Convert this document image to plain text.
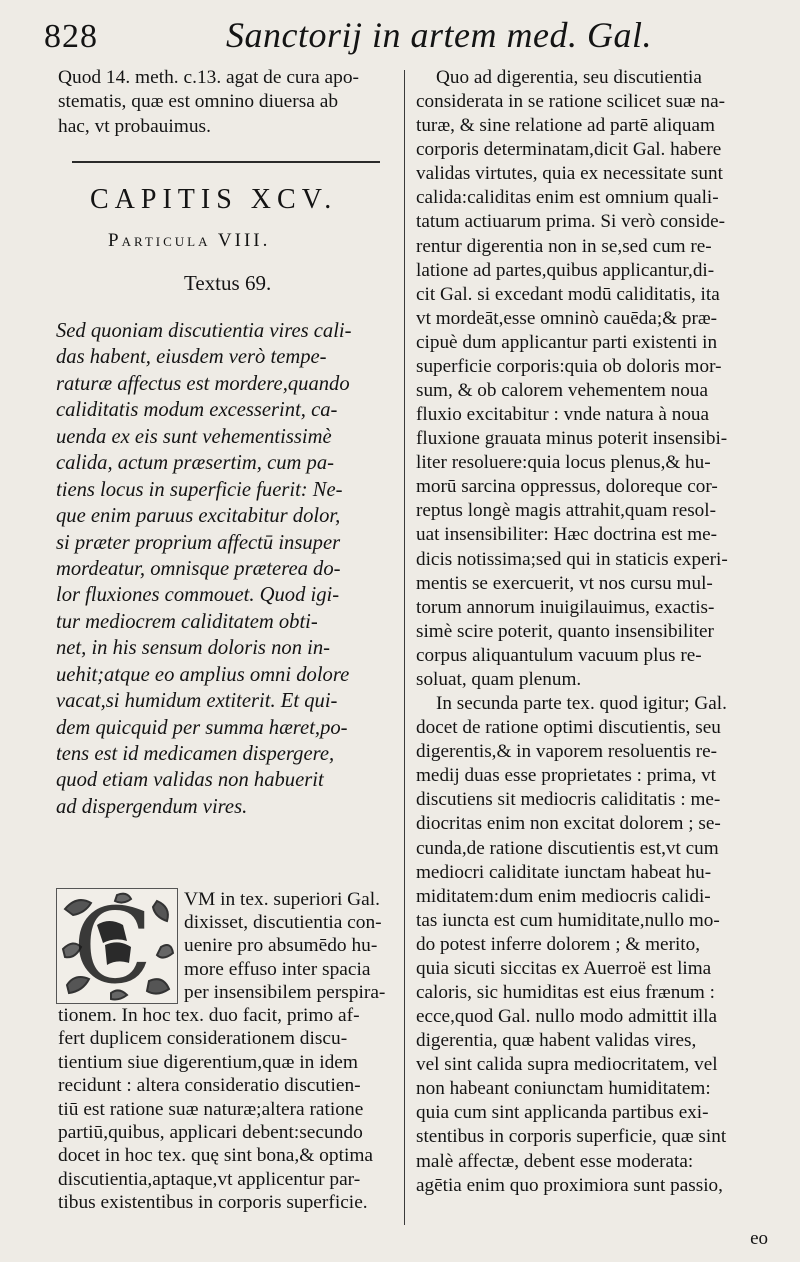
828	Sanctorij in artem med. Gal.
Quod 14. meth. c.13. agat de cura apo-
stematis, quæ est omnino diuersa ab
hac, vt probauimus.
CAPITIS XCV.
Particula VIII.
Textus 69.
Sed quoniam discutientia vires cali-
das habent, eiusdem verò tempe-
raturæ affectus est mordere,quando
caliditatis modum excesserint, ca-
uenda ex eis sunt vehementissimè
calida, actum præsertim, cum pa-
tiens locus in superficie fuerit: Ne-
que enim paruus excitabitur dolor,
si præter proprium affectū insuper
mordeatur, omnisque præterea do-
lor fluxiones commouet. Quod igi-
tur mediocrem caliditatem obti-
net, in his sensum doloris non in-
uehit;atque eo amplius omni dolore
vacat,si humidum extiterit. Et qui-
dem quicquid per summa hæret,po-
tens est id medicamen dispergere,
quod etiam validas non habuerit
ad dispergendum vires.
C VM in tex. superiori Gal.
dixisset, discutientia con-
uenire pro absumēdo hu-
more effuso inter spacia
per insensibilem perspira-
tionem. In hoc tex. duo facit, primo af-
fert duplicem considerationem discu-
tientium siue digerentium,quæ in idem
recidunt : altera consideratio discutien-
tiū est ratione suæ naturæ;altera ratione
partiū,quibus, applicari debent:secundo
docet in hoc tex. quę sint bona,& optima
discutientia,aptaque,vt applicentur par-
tibus existentibus in corporis superficie.
Quo ad digerentia, seu discutientia
considerata in se ratione scilicet suæ na-
turæ, & sine relatione ad partē aliquam
corporis determinatam,dicit Gal. habere
validas virtutes, quia ex necessitate sunt
calida:caliditas enim est omnium quali-
tatum actiuarum prima. Si verò conside-
rentur digerentia non in se,sed cum re-
latione ad partes,quibus applicantur,di-
cit Gal. si excedant modū caliditatis, ita
vt mordeāt,esse omninò cauēda;& præ-
cipuè dum applicantur parti existenti in
superficie corporis:quia ob doloris mor-
sum, & ob calorem vehementem noua
fluxio excitabitur : vnde natura à noua
fluxione grauata minus poterit insensibi-
liter resoluere:quia locus plenus,& hu-
morū sarcina oppressus, doloreque cor-
reptus longè magis attrahit,quam resol-
uat insensibiliter: Hæc doctrina est me-
dicis notissima;sed qui in staticis experi-
mentis se exercuerit, vt nos cursu mul-
torum annorum inuigilauimus, exactis-
simè scire poterit, quanto insensibiliter
corpus aliquantulum vacuum plus re-
soluat, quam plenum.
In secunda parte tex. quod igitur; Gal.
docet de ratione optimi discutientis, seu
digerentis,& in vaporem resoluentis re-
medij duas esse proprietates : prima, vt
discutiens sit mediocris caliditatis : me-
diocritas enim non excitat dolorem ; se-
cunda,de ratione discutientis est,vt cum
mediocri caliditate iunctam habeat hu-
miditatem:dum enim mediocris calidi-
tas iuncta est cum humiditate,nullo mo-
do potest inferre dolorem ; & merito,
quia sicuti siccitas ex Auerroë est lima
caloris, sic humiditas est eius frænum :
ecce,quod Gal. nullo modo admittit illa
digerentia, quæ habent validas vires,
vel sint calida supra mediocritatem, vel
non habeant coniunctam humiditatem:
quia cum sint applicanda partibus exi-
stentibus in corporis superficie, quæ sint
malè affectæ, debent esse moderata:
agētia enim quo proximiora sunt passio,
eo
